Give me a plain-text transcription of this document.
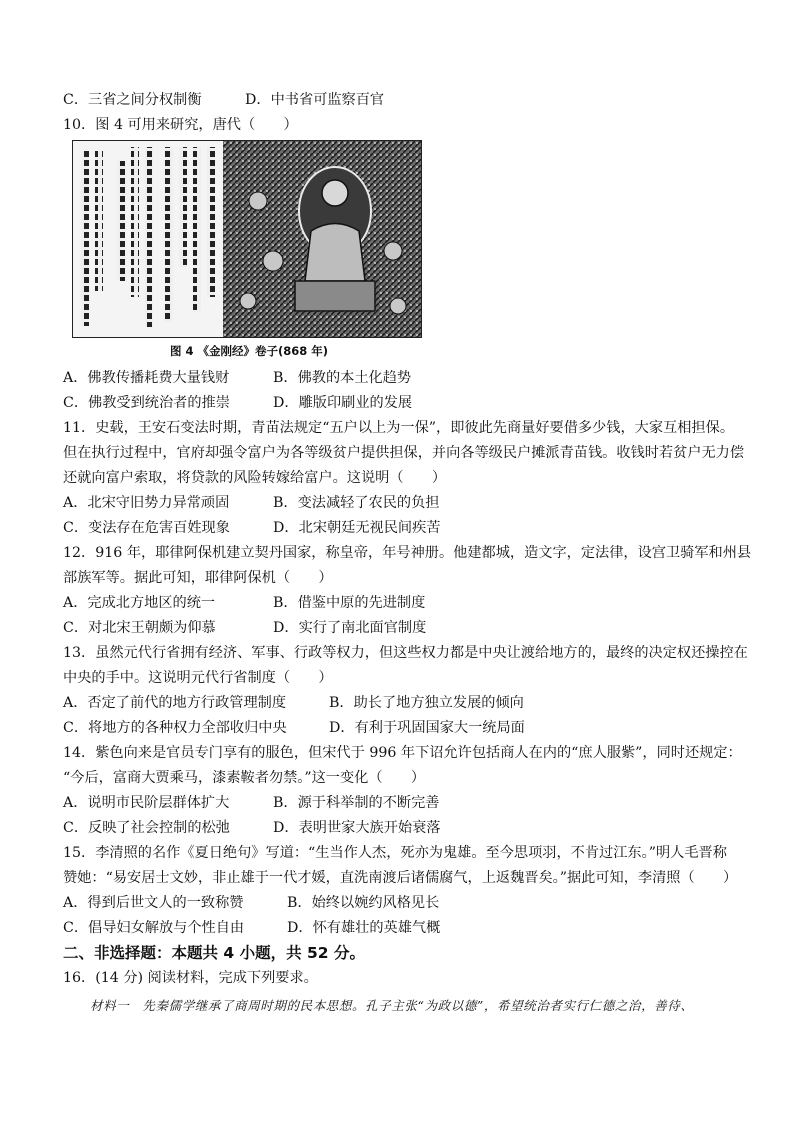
C．三省之间分权制衡	D．中书省可监察百官
10．图 4 可用来研究，唐代（　　）
图 4 《金刚经》卷子(868 年)
A．佛教传播耗费大量钱财	B．佛教的本土化趋势
C．佛教受到统治者的推崇	D．雕版印刷业的发展
11．史载，王安石变法时期，青苗法规定“五户以上为一保”，即彼此先商量好要借多少钱，大家互相担保。
但在执行过程中，官府却强令富户为各等级贫户提供担保，并向各等级民户摊派青苗钱。收钱时若贫户无力偿
还就向富户索取，将贷款的风险转嫁给富户。这说明（　　）
A．北宋守旧势力异常顽固	B．变法减轻了农民的负担
C．变法存在危害百姓现象	D．北宋朝廷无视民间疾苦
12．916 年，耶律阿保机建立契丹国家，称皇帝，年号神册。他建都城，造文字，定法律，设宫卫骑军和州县
部族军等。据此可知，耶律阿保机（　　）
A．完成北方地区的统一	B．借鉴中原的先进制度
C．对北宋王朝颇为仰慕	D．实行了南北面官制度
13．虽然元代行省拥有经济、军事、行政等权力，但这些权力都是中央让渡给地方的，最终的决定权还操控在
中央的手中。这说明元代行省制度（　　）
A．否定了前代的地方行政管理制度	B．助长了地方独立发展的倾向
C．将地方的各种权力全部收归中央	D．有利于巩固国家大一统局面
14．紫色向来是官员专门享有的服色，但宋代于 996 年下诏允许包括商人在内的“庶人服紫”，同时还规定：
“今后，富商大贾乘马，漆素鞍者勿禁。”这一变化（　　）
A．说明市民阶层群体扩大	B．源于科举制的不断完善
C．反映了社会控制的松弛	D．表明世家大族开始衰落
15．李清照的名作《夏日绝句》写道：“生当作人杰，死亦为鬼雄。至今思项羽，不肯过江东。”明人毛晋称
赞她：“易安居士文妙，非止雄于一代才媛，直洗南渡后诸儒腐气，上返魏晋矣。”据此可知，李清照（　　）
A．得到后世文人的一致称赞	B．始终以婉约风格见长
C．倡导妇女解放与个性自由	D．怀有雄壮的英雄气概
二、非选择题：本题共 4 小题，共 52 分。
16．(14 分) 阅读材料，完成下列要求。
材料一　先秦儒学继承了商周时期的民本思想。孔子主张“为政以德”，希望统治者实行仁德之治，善待、
